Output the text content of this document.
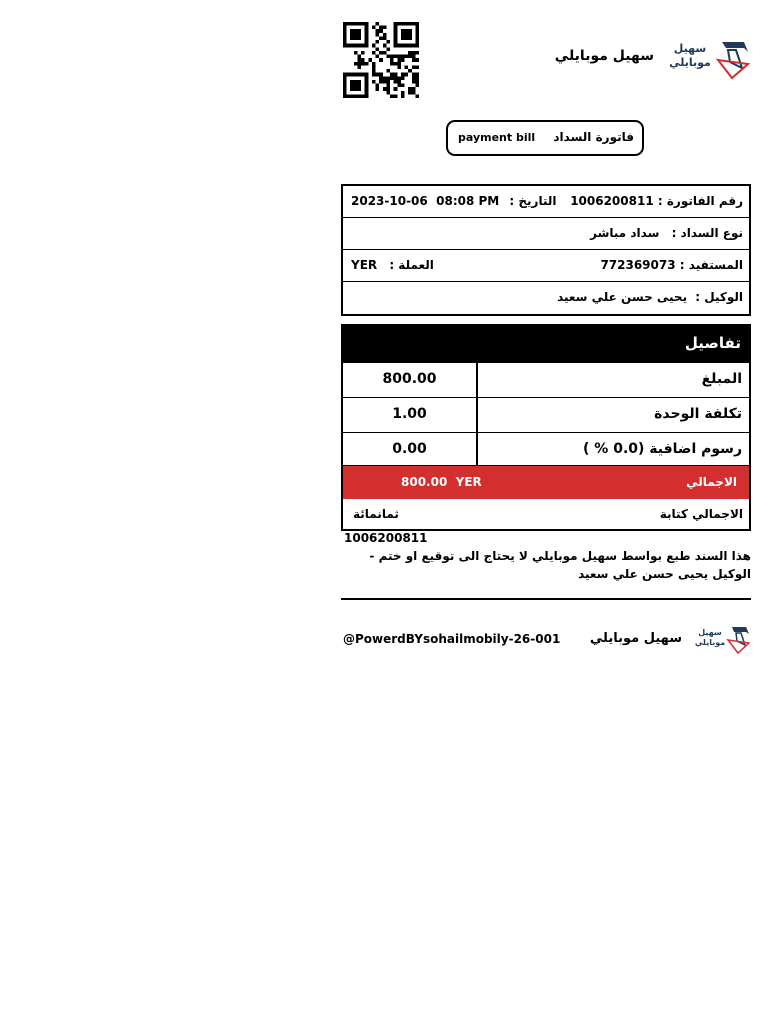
سهيل موبايلي
سهيل موبايلي
فاتورة السداد
payment bill
رقم الفاتورة : 1006200811
2023-10-06  08:08 PM التاريخ :
نوع السداد : سداد مباشر
المستفيد : 772369073
YER العملة :
الوكيل : يحيى حسن علي سعيد
تفاصيل
المبلغ
800.00
تكلفة الوحدة
1.00
رسوم اضافية (0.0 % )
0.00
الاجمالي
800.00  YER
الاجمالي كتابة
ثمانمائة
1006200811
هذا السند طبع بواسط سهيل موبايلي لا يحتاج الى توقيع او ختم -
الوكيل يحيى حسن علي سعيد
@PowerdBYsohailmobily-26-001	سهيل موبايلي	سهيل موبايلي
